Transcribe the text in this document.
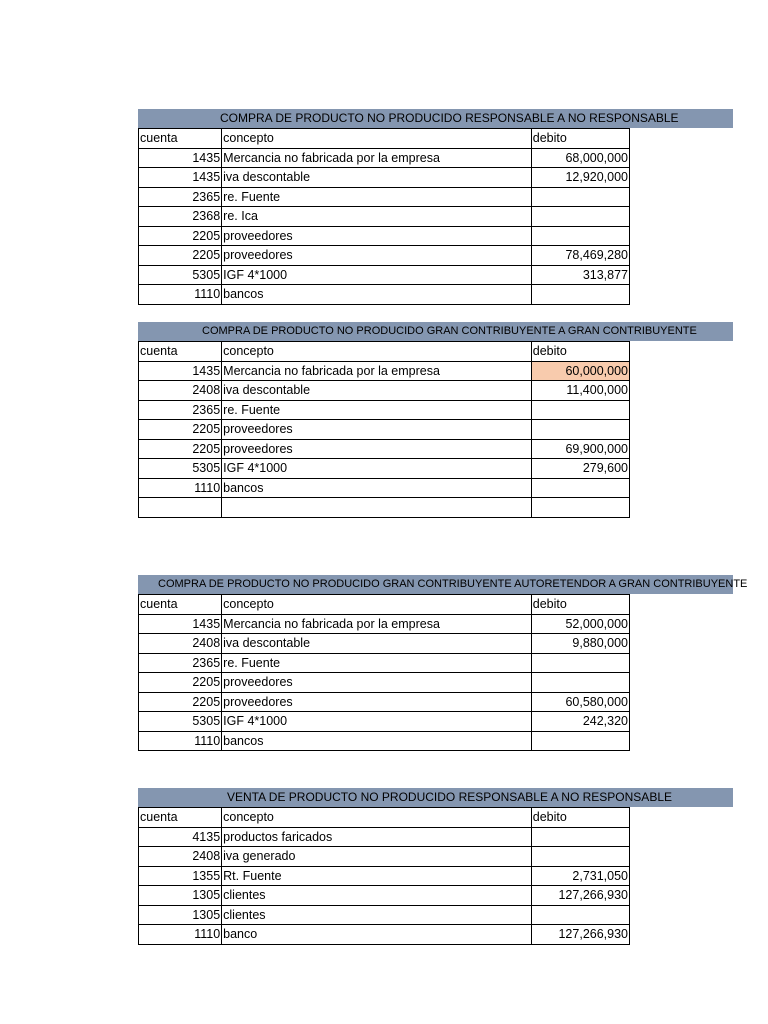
COMPRA DE PRODUCTO NO PRODUCIDO RESPONSABLE A NO RESPONSABLE
cuenta	concepto	debito
1435	Mercancia no fabricada por la empresa	68,000,000
1435	iva descontable	12,920,000
2365	re. Fuente	
2368	re. Ica	
2205	proveedores	
2205	proveedores	78,469,280
5305	IGF 4*1000	313,877
1110	bancos	
COMPRA DE PRODUCTO NO PRODUCIDO GRAN CONTRIBUYENTE A GRAN CONTRIBUYENTE
cuenta	concepto	debito
1435	Mercancia no fabricada por la empresa	60,000,000
2408	iva descontable	11,400,000
2365	re. Fuente	
2205	proveedores	
2205	proveedores	69,900,000
5305	IGF 4*1000	279,600
1110	bancos	

COMPRA DE PRODUCTO NO PRODUCIDO GRAN CONTRIBUYENTE AUTORETENDOR A GRAN CONTRIBUYENTE
cuenta	concepto	debito
1435	Mercancia no fabricada por la empresa	52,000,000
2408	iva descontable	9,880,000
2365	re. Fuente	
2205	proveedores	
2205	proveedores	60,580,000
5305	IGF 4*1000	242,320
1110	bancos	
VENTA DE PRODUCTO NO PRODUCIDO RESPONSABLE A NO RESPONSABLE
cuenta	concepto	debito
4135	productos faricados	
2408	iva generado	
1355	Rt. Fuente	2,731,050
1305	clientes	127,266,930
1305	clientes	
1110	banco	127,266,930
